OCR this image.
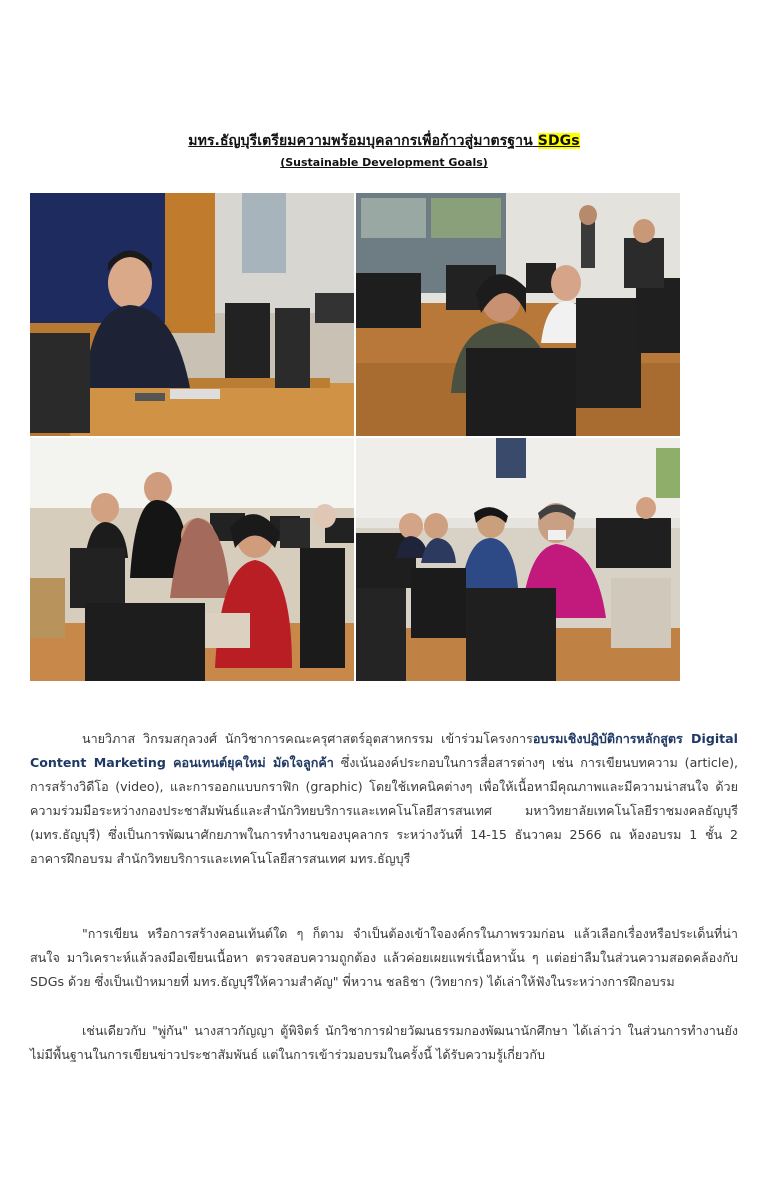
มทร.ธัญบุรีเตรียมความพร้อมบุคลากรเพื่อก้าวสู่มาตรฐาน SDGs
(Sustainable Development Goals)
นายวิภาส วิกรมสกุลวงศ์ นักวิชาการคณะครุศาสตร์อุตสาหกรรม เข้าร่วมโครงการอบรมเชิงปฏิบัติการหลักสูตร Digital Content Marketing คอนเทนต์ยุคใหม่ มัดใจลูกค้า ซึ่งเน้นองค์ประกอบในการสื่อสารต่างๆ เช่น การเขียนบทความ (article), การสร้างวิดีโอ (video), และการออกแบบกราฟิก (graphic) โดยใช้เทคนิคต่างๆ เพื่อให้เนื้อหามีคุณภาพและมีความน่าสนใจ ด้วยความร่วมมือระหว่างกองประชาสัมพันธ์และสำนักวิทยบริการและเทคโนโลยีสารสนเทศ มหาวิทยาลัยเทคโนโลยีราชมงคลธัญบุรี (มทร.ธัญบุรี) ซึ่งเป็นการพัฒนาศักยภาพในการทำงานของบุคลากร ระหว่างวันที่ 14-15 ธันวาคม 2566 ณ ห้องอบรม 1 ชั้น 2 อาคารฝึกอบรม สำนักวิทยบริการและเทคโนโลยีสารสนเทศ มทร.ธัญบุรี
"การเขียน หรือการสร้างคอนเท้นต์ใด ๆ ก็ตาม จำเป็นต้องเข้าใจองค์กรในภาพรวมก่อน แล้วเลือกเรื่องหรือประเด็นที่น่าสนใจ มาวิเคราะห์แล้วลงมือเขียนเนื้อหา ตรวจสอบความถูกต้อง แล้วค่อยเผยแพร่เนื้อหานั้น ๆ แต่อย่าลืมในส่วนความสอดคล้องกับ SDGs ด้วย ซึ่งเป็นเป้าหมายที่ มทร.ธัญบุรีให้ความสำคัญ" พี่หวาน ชลธิชา (วิทยากร) ได้เล่าให้ฟังในระหว่างการฝึกอบรม
เช่นเดียวกับ "พู่กัน" นางสาวกัญญา ตู้พิจิตร์ นักวิชาการฝ่ายวัฒนธรรมกองพัฒนานักศึกษา ได้เล่าว่า ในส่วนการทำงานยังไม่มีพื้นฐานในการเขียนข่าวประชาสัมพันธ์ แต่ในการเข้าร่วมอบรมในครั้งนี้ ได้รับความรู้เกี่ยวกับ
